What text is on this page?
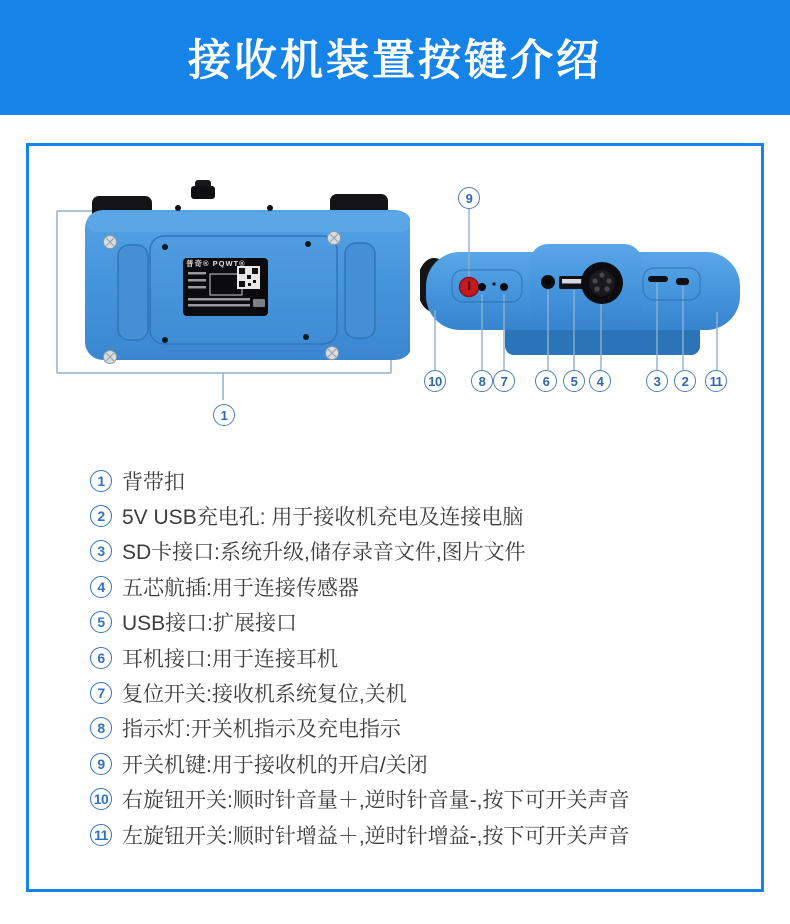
接收机装置按键介绍
普奇® PQWT®
1
9
10	8	7	6	5	4	3	2	11
1 背带扣
2 5V USB充电孔: 用于接收机充电及连接电脑
3 SD卡接口:系统升级,储存录音文件,图片文件
4 五芯航插:用于连接传感器
5 USB接口:扩展接口
6 耳机接口:用于连接耳机
7 复位开关:接收机系统复位,关机
8 指示灯:开关机指示及充电指示
9 开关机键:用于接收机的开启/关闭
10 右旋钮开关:顺时针音量＋,逆时针音量-,按下可开关声音
11 左旋钮开关:顺时针增益＋,逆时针增益-,按下可开关声音
